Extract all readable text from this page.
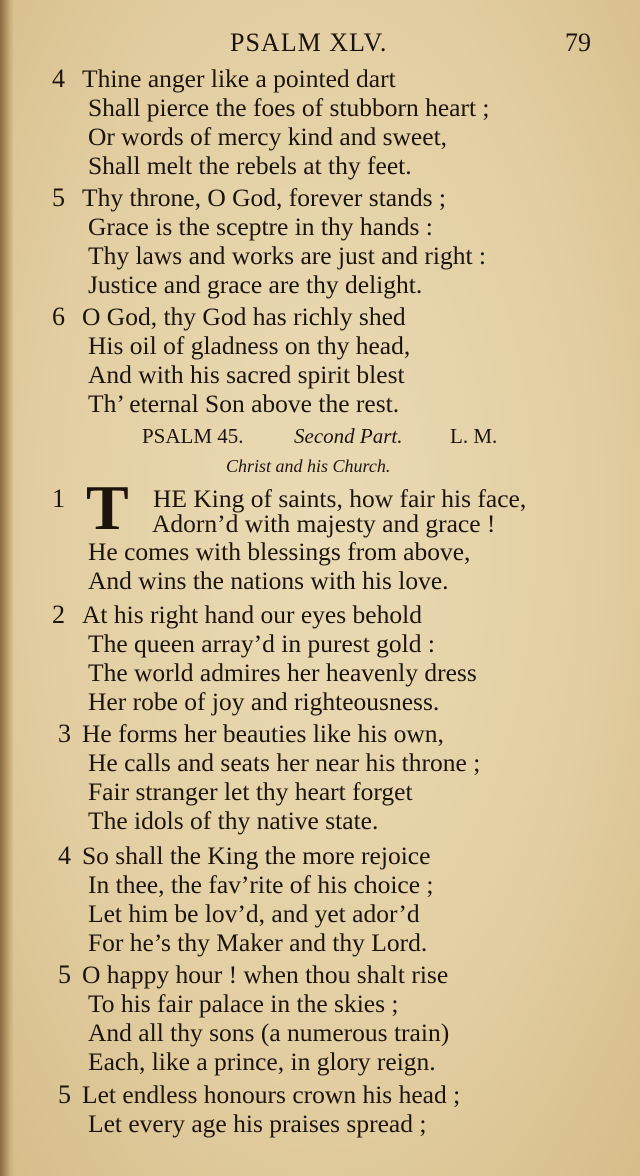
PSALM XLV.	79
4 Thine anger like a pointed dart
Shall pierce the foes of stubborn heart ;
Or words of mercy kind and sweet,
Shall melt the rebels at thy feet.
5 Thy throne, O God, forever stands ;
Grace is the sceptre in thy hands :
Thy laws and works are just and right :
Justice and grace are thy delight.
6 O God, thy God has richly shed
His oil of gladness on thy head,
And with his sacred spirit blest
Th’ eternal Son above the rest.
PSALM 45. Second Part. L. M.
Christ and his Church.
1 T HE King of saints, how fair his face,
Adorn’d with majesty and grace !
He comes with blessings from above,
And wins the nations with his love.
2 At his right hand our eyes behold
The queen array’d in purest gold :
The world admires her heavenly dress
Her robe of joy and righteousness.
3 He forms her beauties like his own,
He calls and seats her near his throne ;
Fair stranger let thy heart forget
The idols of thy native state.
4 So shall the King the more rejoice
In thee, the fav’rite of his choice ;
Let him be lov’d, and yet ador’d
For he’s thy Maker and thy Lord.
5 O happy hour ! when thou shalt rise
To his fair palace in the skies ;
And all thy sons (a numerous train)
Each, like a prince, in glory reign.
5 Let endless honours crown his head ;
Let every age his praises spread ;
